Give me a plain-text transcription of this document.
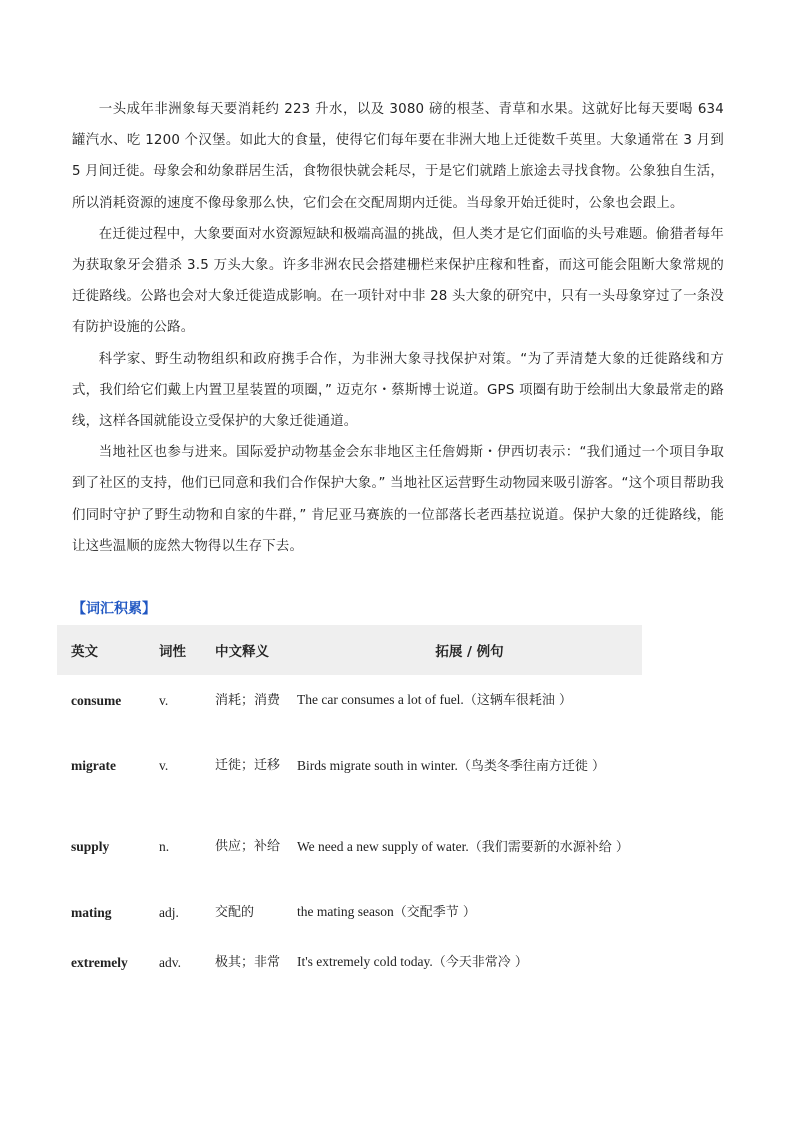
一头成年非洲象每天要消耗约 223 升水，以及 3080 磅的根茎、青草和水果。这就好比每天要喝 634 罐汽水、吃 1200 个汉堡。如此大的食量，使得它们每年要在非洲大地上迁徙数千英里。大象通常在 3 月到 5 月间迁徙。母象会和幼象群居生活，食物很快就会耗尽，于是它们就踏上旅途去寻找食物。公象独自生活，所以消耗资源的速度不像母象那么快，它们会在交配周期内迁徙。当母象开始迁徙时，公象也会跟上。

在迁徙过程中，大象要面对水资源短缺和极端高温的挑战，但人类才是它们面临的头号难题。偷猎者每年为获取象牙会猎杀 3.5 万头大象。许多非洲农民会搭建栅栏来保护庄稼和牲畜，而这可能会阻断大象常规的迁徙路线。公路也会对大象迁徙造成影响。在一项针对中非 28 头大象的研究中，只有一头母象穿过了一条没有防护设施的公路。

科学家、野生动物组织和政府携手合作，为非洲大象寻找保护对策。“为了弄清楚大象的迁徙路线和方式，我们给它们戴上内置卫星装置的项圈，” 迈克尔・蔡斯博士说道。GPS 项圈有助于绘制出大象最常走的路线，这样各国就能设立受保护的大象迁徙通道。

当地社区也参与进来。国际爱护动物基金会东非地区主任詹姆斯・伊西切表示：“我们通过一个项目争取到了社区的支持，他们已同意和我们合作保护大象。” 当地社区运营野生动物园来吸引游客。“这个项目帮助我们同时守护了野生动物和自家的牛群，” 肯尼亚马赛族的一位部落长老西基拉说道。保护大象的迁徙路线，能让这些温顺的庞然大物得以生存下去。

【词汇积累】
英文	词性	中文释义	拓展 / 例句
consume	v.	消耗；消费	The car consumes a lot of fuel.（这辆车很耗油 ）
migrate	v.	迁徙；迁移	Birds migrate south in winter.（鸟类冬季往南方迁徙 ）
supply	n.	供应；补给	We need a new supply of water.（我们需要新的水源补给 ）
mating	adj.	交配的	the mating season（交配季节 ）
extremely	adv.	极其；非常	It's extremely cold today.（今天非常冷 ）
